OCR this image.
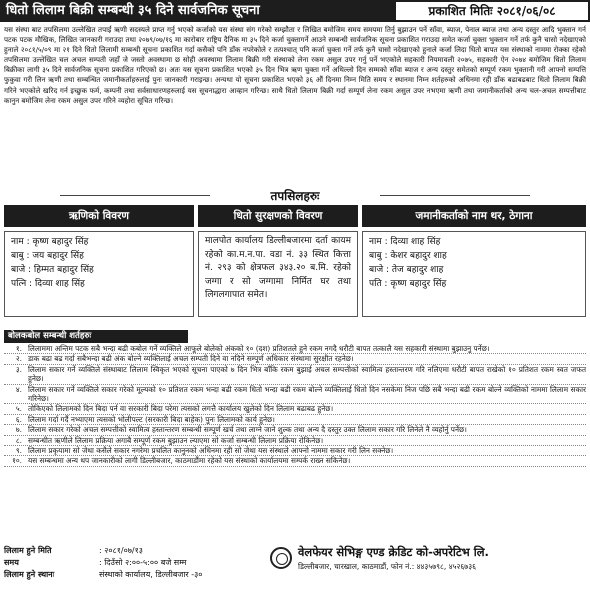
धितो लिलाम बिक्री सम्बन्धी ३५ दिने सार्वजनिक सूचना	प्रकाशित मितिः २०८१/०६/०८
यस संस्था बाट तपसिलमा उल्लेखित तपाईं ऋणी सदस्यले प्राप्त गर्नु भएको कर्जाको यस संस्था संग गरेको सम्झौता र लिखित बमोजिम समय समयमा तिर्नु बुझाउन पर्ने साँवा, ब्याज, पेनाल ब्याज तथा अन्य दस्तुर आदि भुक्तान गर्न पटक पटक मौखिक, लिखित जानकारी गराउदा तथा २०७९/०७/१६ मा कारोबार राष्ट्रिय दैनिक मा ३५ दिने कर्जा चुक्तागर्ने आउने सम्बन्धी सार्वजनिक सूचना प्रकाशित गराउदा समेत कर्जा चुक्ता भुक्तान गर्ने तर्फ कुनै चासो नदेखाएको हुनाले २०८१/५/०९ मा २१ दिने धितो लिलामी सम्बन्धी सूचना प्रकाशित गर्दा कसैको पनि डाँक नपरेकोले र तत्पश्चात् पनि कर्जा चुक्ता गर्ने तर्फ कुनै चासो नदेखाएको हुनाले कर्जा लिदा धितो बापत यस संस्थाको नाममा रोक्का रहेको तपसिलमा उल्लेखित चल अचल सम्पती जहाँ जे जस्तो अवस्थामा छ सोही अवस्थामा लिलाम बिक्री गरी संस्थाको लेना रकम असुल उपर गर्नु पर्ने भएकोले सहकारी नियमावली २०७५, सहकारी ऐन २०७४ बमोजिम धितो लिलाम बिक्रीका लागी ३५ दिने सार्वजनिक सूचना प्रकाशित गरिएको छ। अतः यस सूचना प्रकाशित भएको ३५ दिन भित्र ऋण चुक्ता गर्ने अथिल्लो दिन सम्मको साँवा ब्याज र अन्य दस्तुर समेतको सम्पूर्ण रकम भुक्तानी गरी आफ्नो सम्पत्ति फुकुवा गरी लिन ऋणी तथा सम्बन्धित जमानीकर्ताहरुलाई पुनः जानकारी गराइन्छ। अन्यथा यो सूचना प्रकाशित भएको ३६ औं दिनमा निम्न मिति समय र स्थानमा निम्न शर्तहरुको अधिनमा रही डाँक बढाबढबाट धितो लिलाम बिक्री गरिने भएकोले खरिद गर्न इच्छुक फर्म, कम्पनी तथा सर्वसाधारणहरुलाई यस सूचनाद्धारा आव्हान गरिन्छ। साथै धितो लिलाम बिक्री गर्दा सम्पूर्ण लेना रकम असुल उपर नभएमा ऋणी तथा जमानीकर्ताको अन्य चल-अचल सम्पत्तीबाट कानुन बमोजिम लेना रकम असुल उपर गरिने व्यहोरा सूचित गरिन्छ।
तपसिलहरुः
ऋणिको विवरण
नाम : कृष्ण बहादुर सिंह
बाबु : जय बहादुर सिंह
बाजे : हिम्मत बहादुर सिंह
पत्नि : दिव्या शाह सिंह
धितो सुरक्षणको विवरण
मालपोत कार्यालय डिल्लीबजारमा दर्ता कायम रहेको का.म.न.पा. वडा नं. ३३ स्थित कित्ता नं. २९३ को क्षेत्रफल ३४३.२० ब.मि. रहेको जग्गा र सो जग्गामा निर्मित घर तथा लिगलगापात समेत।
जमानीकर्ताको नाम थर, ठेगाना
नाम : दिव्या शाह सिंह
बाबु : केशर बहादुर शाह
बाजे : तेज बहादुर शाह
पति : कृष्ण बहादुर सिंह
बोलकबोल सम्बन्धी शर्तहरुः
१. लिलाममा अन्तिम पटक सबै भन्दा बढी कबोल गर्ने व्यक्तिले आफूले बोलेको अंकको १० (दश) प्रतिशतले हुने रकम नगदै धरौटी बापत तत्कालै यस सहकारी संस्थामा बुझाउनु पर्नेछ।
२. डाक बढा बढ गर्दा सबैभन्दा बढी अंक बोल्ने व्यक्तिलाई अचल सम्पती दिने वा नदिने सम्पूर्ण अधिकार संस्थामा सुरक्षीत रहनेछ।
३. लिलाम सकार गर्ने व्यक्तिले संस्थाबाट लिलाम स्विकृत भएको सूचना पाएको ७ दिन भित्र बाँकि रकम बुझाई अचल सम्पत्तीको स्वामित्व हस्तान्तरण गरि नलिएमा धरौटी बापत राखेको १० प्रतिशत रकम स्वत जफत हुनेछ।
४. लिलाम सकार गर्ने व्यक्तिले सकार गरेको मूल्यको १० प्रतिशत रकम भन्दा बढी रकम धितो भन्दा बढी रकम बोल्ने व्यक्तिलाई धितो दिन नसकेमा निज पछि सबै भन्दा बढी रकम बोल्ने व्यक्तिको नाममा लिलाम सकार गरिनेछ।
५. तोकिएको लिलामको दिन बिदा पर्न वा सरकारी बिदा परेमा त्यसको लगत्तै कार्यालय खुलेको दिन लिलाम बढाबढ हुनेछ।
६. लिलाम गर्दा गर्दै नभ्याएमा त्यसको भोलीपल्ट (सरकारी बिदा बाहेक) पुनः लिलामको कार्य हुनेछ।
७. लिलाम सकार गरेको अचल सम्पत्तीको स्वामित्व हस्तान्तरण सम्बन्धी सम्पूर्ण खर्च तथा लाग्ने जाने शुल्क तथा अन्य दै दस्तुर उक्त लिलाम सकार गरि लिनेले नै व्यहोर्नु पर्नेछ।
८. सम्बन्धीत ऋणीले लिलाम प्रक्रिया अगाबै सम्पूर्ण रकम बुझाउन ल्याएमा सो कर्जा सम्बन्धी लिलाम प्रक्रिया रोकिनेछ।
९. लिलाम प्रकृयामा सो जेथा कसैले सकार नगरेमा प्रचलित कानुनको अधिनमा रही सो जेथा यस संस्थाले आफ्नो नाममा सकार गरी लिन सक्नेछ।
१०. यस सम्बन्धमा अन्य थप जानकारीको लागी डिल्लीबजार, काठमाडौंमा रहेको यस संस्थाको कार्यालयमा सम्पर्क राख्न सकिनेछ।
लिलाम हुने मिति	: २०८१/०७/१३
समय	: दिउँसो २:००-५:०० बजे सम्म
लिलाम हुने स्थानः	संस्थाको कार्यालय, डिल्लीबजार -३०
वेलफेयर सेभिङ्ग एण्ड क्रेडिट को-अपरेटिभ लि.
डिल्लीबजार, चारखाल, काठमाडौं, फोन नं.: ४४३५७९८, ४५२६७३६
